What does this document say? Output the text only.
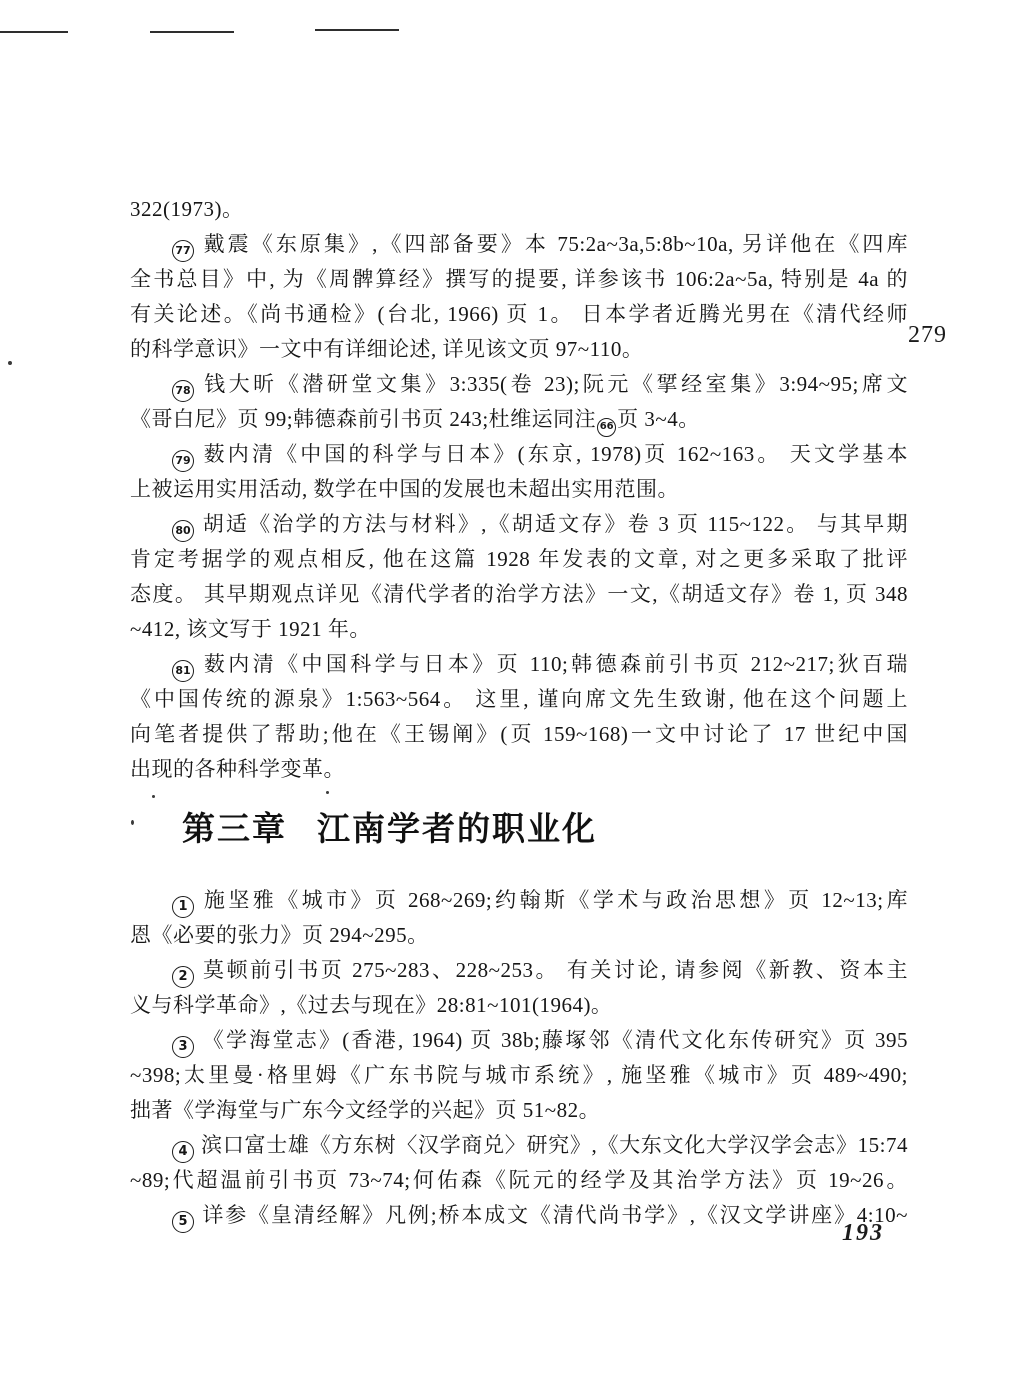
279

322(1973)。

77 戴震《东原集》,《四部备要》本 75:2a~3a,5:8b~10a, 另详他在《四库
全书总目》中, 为《周髀算经》撰写的提要, 详参该书 106:2a~5a, 特别是 4a 的
有关论述。《尚书通检》(台北, 1966) 页 1。 日本学者近腾光男在《清代经师
的科学意识》一文中有详细论述, 详见该文页 97~110。

78 钱大昕《潜研堂文集》3:335(卷 23);阮元《揅经室集》3:94~95;席文
《哥白尼》页 99;韩德森前引书页 243;杜维运同注 66 页 3~4。

79 薮内清《中国的科学与日本》(东京, 1978)页 162~163。 天文学基本
上被运用实用活动, 数学在中国的发展也未超出实用范围。

80 胡适《治学的方法与材料》,《胡适文存》卷 3 页 115~122。 与其早期
肯定考据学的观点相反, 他在这篇 1928 年发表的文章, 对之更多采取了批评
态度。 其早期观点详见《清代学者的治学方法》一文,《胡适文存》卷 1, 页 348
~412, 该文写于 1921 年。

81 薮内清《中国科学与日本》页 110;韩德森前引书页 212~217;狄百瑞
《中国传统的源泉》1:563~564。 这里, 谨向席文先生致谢, 他在这个问题上
向笔者提供了帮助;他在《王锡阐》(页 159~168)一文中讨论了 17 世纪中国
出现的各种科学变革。

第三章 江南学者的职业化

1 施坚雅《城市》页 268~269;约翰斯《学术与政治思想》页 12~13;库
恩《必要的张力》页 294~295。

2 莫顿前引书页 275~283、228~253。 有关讨论, 请参阅《新教、资本主
义与科学革命》,《过去与现在》28:81~101(1964)。

3 《学海堂志》(香港, 1964) 页 38b;藤塚邻《清代文化东传研究》页 395
~398;太里曼·格里姆《广东书院与城市系统》, 施坚雅《城市》页 489~490;
拙著《学海堂与广东今文经学的兴起》页 51~82。

4 滨口富士雄《方东树〈汉学商兑〉研究》,《大东文化大学汉学会志》15:74
~89;代超温前引书页 73~74;何佑森《阮元的经学及其治学方法》页 19~26。

5 详参《皇清经解》凡例;桥本成文《清代尚书学》,《汉文学讲座》4:10~

193
